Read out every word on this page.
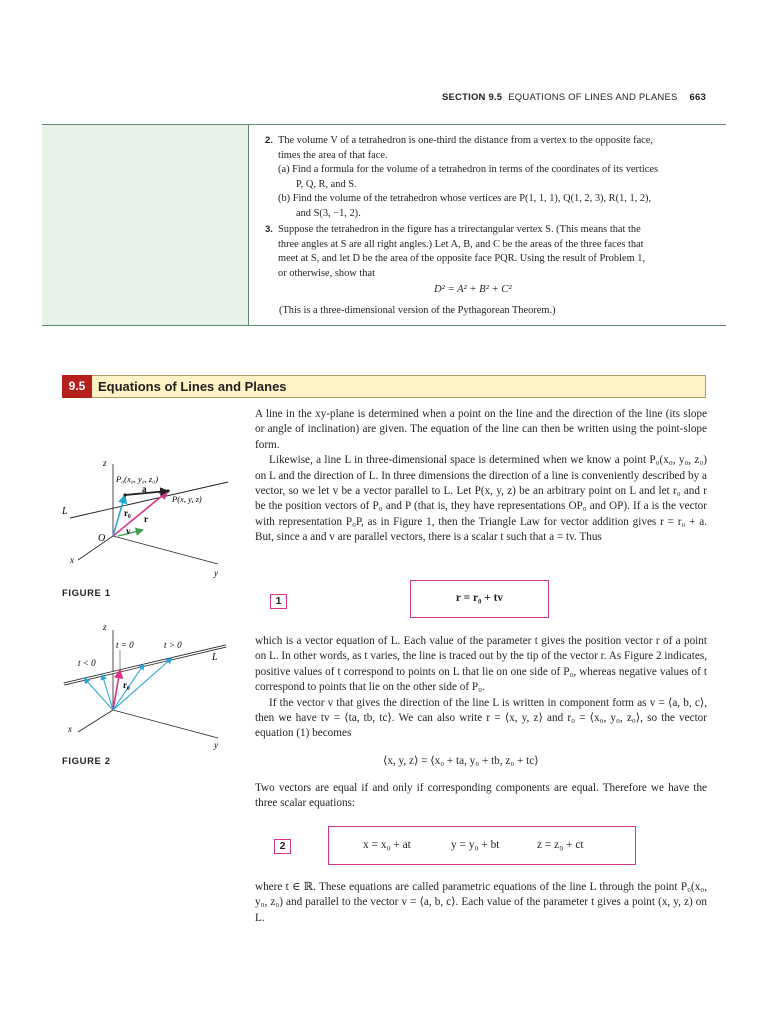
SECTION 9.5 EQUATIONS OF LINES AND PLANES 663
2. The volume V of a tetrahedron is one-third the distance from a vertex to the opposite face,
times the area of that face.
(a) Find a formula for the volume of a tetrahedron in terms of the coordinates of its vertices
P, Q, R, and S.
(b) Find the volume of the tetrahedron whose vertices are P(1, 1, 1), Q(1, 2, 3), R(1, 1, 2),
and S(3, −1, 2).
3. Suppose the tetrahedron in the figure has a trirectangular vertex S. (This means that the
three angles at S are all right angles.) Let A, B, and C be the areas of the three faces that
meet at S, and let D be the area of the opposite face PQR. Using the result of Problem 1,
or otherwise, show that
D² = A² + B² + C²
(This is a three-dimensional version of the Pythagorean Theorem.)
9.5 Equations of Lines and Planes

A line in the xy-plane is determined when a point on the line and the direction of the line (its slope or angle of inclination) are given. The equation of the line can then be written using the point-slope form.

Likewise, a line L in three-dimensional space is determined when we know a point P₀(x₀, y₀, z₀) on L and the direction of L. In three dimensions the direction of a line is conveniently described by a vector, so we let v be a vector parallel to L. Let P(x, y, z) be an arbitrary point on L and let r₀ and r be the position vectors of P₀ and P (that is, they have representations OP₀ and OP). If a is the vector with representation P₀P, as in Figure 1, then the Triangle Law for vector addition gives r = r₀ + a. But, since a and v are parallel vectors, there is a scalar t such that a = tv. Thus

1	r = r₀ + tv

which is a vector equation of L. Each value of the parameter t gives the position vector r of a point on L. In other words, as t varies, the line is traced out by the tip of the vector r. As Figure 2 indicates, positive values of t correspond to points on L that lie on one side of P₀, whereas negative values of t correspond to points that lie on the other side of P₀.

If the vector v that gives the direction of the line L is written in component form as v = ⟨a, b, c⟩, then we have tv = ⟨ta, tb, tc⟩. We can also write r = ⟨x, y, z⟩ and r₀ = ⟨x₀, y₀, z₀⟩, so the vector equation (1) becomes

⟨x, y, z⟩ = ⟨x₀ + ta, y₀ + tb, z₀ + tc⟩

Two vectors are equal if and only if corresponding components are equal. Therefore we have the three scalar equations:

2	x = x₀ + at	y = y₀ + bt	z = z₀ + ct

where t ∈ ℝ. These equations are called parametric equations of the line L through the point P₀(x₀, y₀, z₀) and parallel to the vector v = ⟨a, b, c⟩. Each value of the parameter t gives a point (x, y, z) on L.

z
y
x
O
L
P₀(x₀, y₀, z₀)
P(x, y, z)
a
r₀
r
v
FIGURE 1
z
y
x
L
t = 0	t > 0
t < 0
r₀
FIGURE 2
